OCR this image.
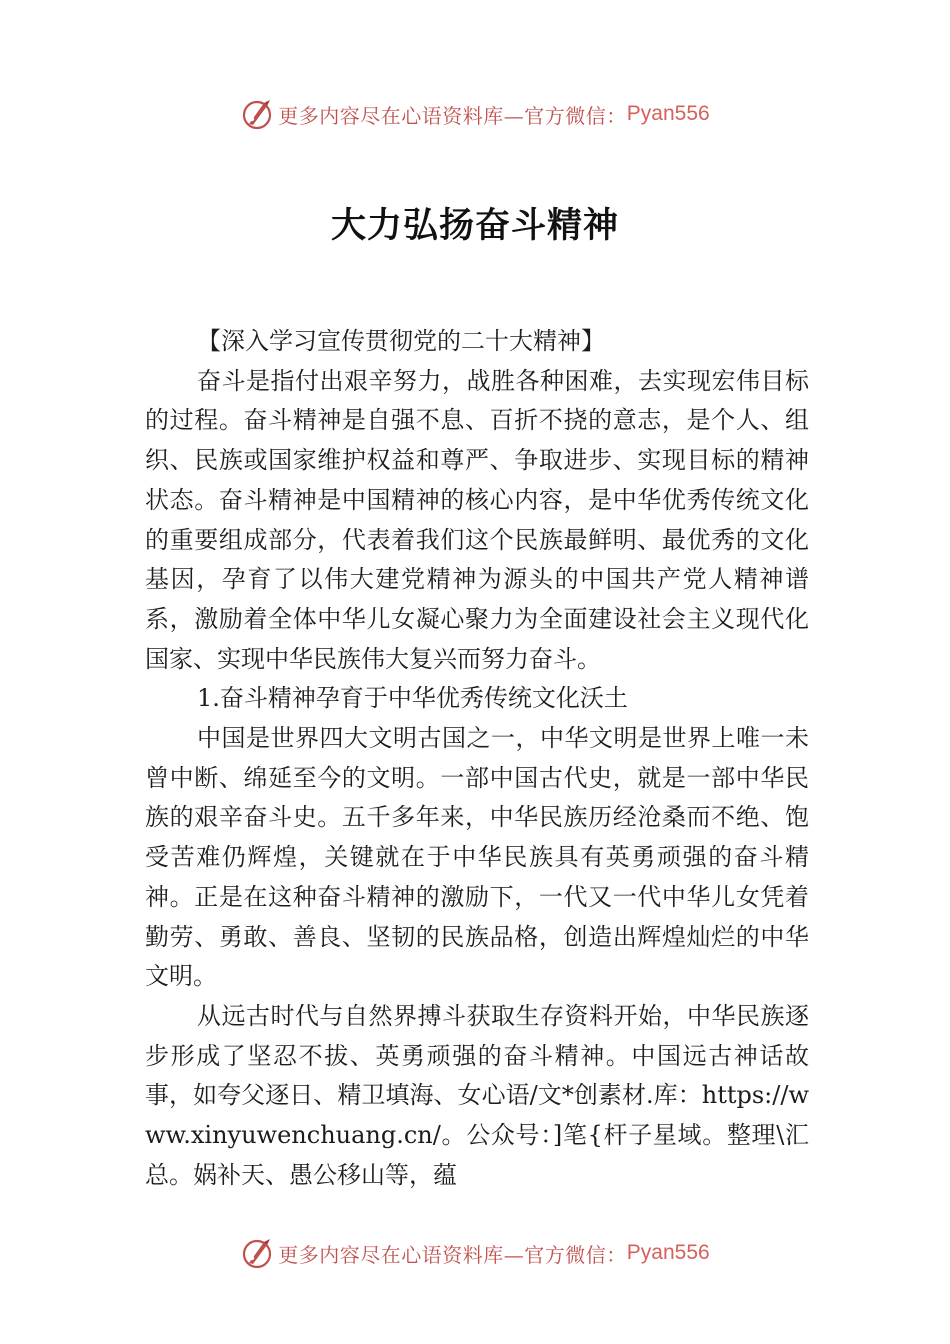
更多内容尽在心语资料库—官方微信： Pyan556
大力弘扬奋斗精神

【深入学习宣传贯彻党的二十大精神】

奋斗是指付出艰辛努力，战胜各种困难，去实现宏伟目标的过程。奋斗精神是自强不息、百折不挠的意志，是个人、组织、民族或国家维护权益和尊严、争取进步、实现目标的精神状态。奋斗精神是中国精神的核心内容，是中华优秀传统文化的重要组成部分，代表着我们这个民族最鲜明、最优秀的文化基因，孕育了以伟大建党精神为源头的中国共产党人精神谱系，激励着全体中华儿女凝心聚力为全面建设社会主义现代化国家、实现中华民族伟大复兴而努力奋斗。

1.奋斗精神孕育于中华优秀传统文化沃土

中国是世界四大文明古国之一，中华文明是世界上唯一未曾中断、绵延至今的文明。一部中国古代史，就是一部中华民族的艰辛奋斗史。五千多年来，中华民族历经沧桑而不绝、饱受苦难仍辉煌，关键就在于中华民族具有英勇顽强的奋斗精神。正是在这种奋斗精神的激励下，一代又一代中华儿女凭着勤劳、勇敢、善良、坚韧的民族品格，创造出辉煌灿烂的中华文明。

从远古时代与自然界搏斗获取生存资料开始，中华民族逐步形成了坚忍不拔、英勇顽强的奋斗精神。中国远古神话故事，如夸父逐日、精卫填海、女心语/文*创素材.库：https://www.xinyuwenchuang.cn/。公众号：]笔{杆子星域。整理\汇总。娲补天、愚公移山等，蕴

更多内容尽在心语资料库—官方微信： Pyan556
